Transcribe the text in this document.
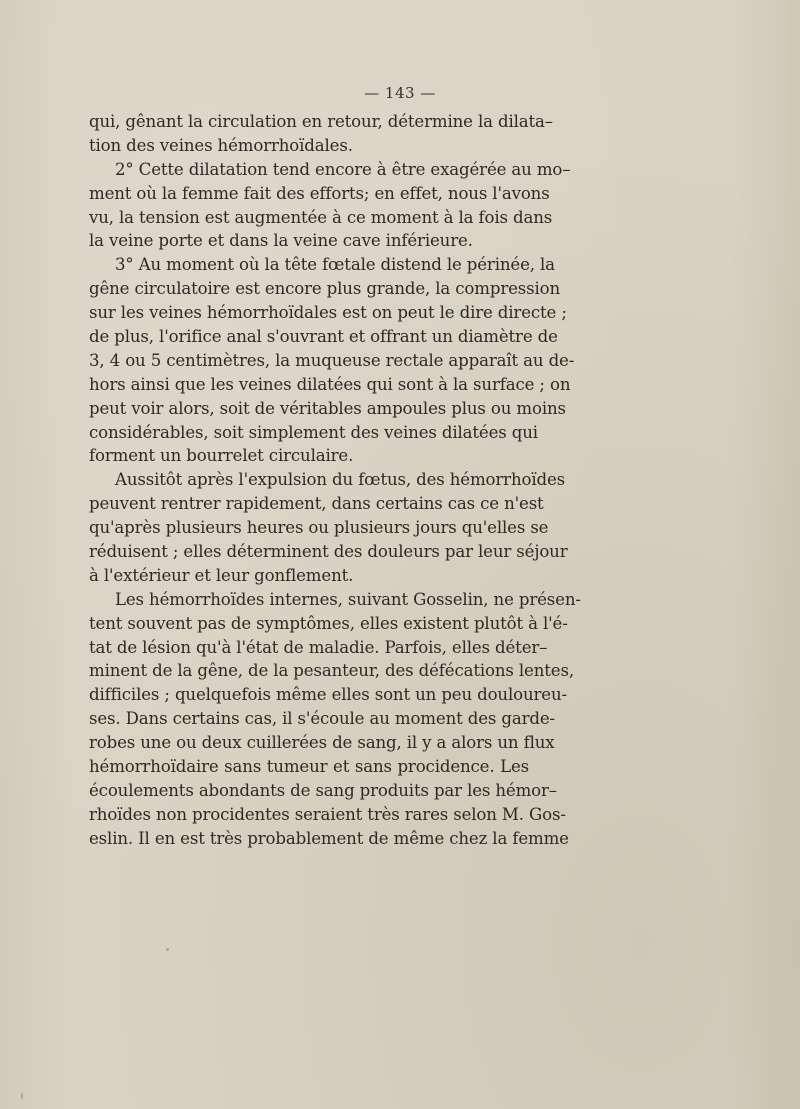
— 143 —
qui, gênant la circulation en retour, détermine la dilata–
tion des veines hémorrhoïdales.
2° Cette dilatation tend encore à être exagérée au mo–
ment où la femme fait des efforts; en effet, nous l'avons
vu, la tension est augmentée à ce moment à la fois dans
la veine porte et dans la veine cave inférieure.
3° Au moment où la tête fœtale distend le périnée, la
gêne circulatoire est encore plus grande, la compression
sur les veines hémorrhoïdales est on peut le dire directe ;
de plus, l'orifice anal s'ouvrant et offrant un diamètre de
3, 4 ou 5 centimètres, la muqueuse rectale apparaît au de-
hors ainsi que les veines dilatées qui sont à la surface ; on
peut voir alors, soit de véritables ampoules plus ou moins
considérables, soit simplement des veines dilatées qui
forment un bourrelet circulaire.
Aussitôt après l'expulsion du fœtus, des hémorrhoïdes
peuvent rentrer rapidement, dans certains cas ce n'est
qu'après plusieurs heures ou plusieurs jours qu'elles se
réduisent ; elles déterminent des douleurs par leur séjour
à l'extérieur et leur gonflement.
Les hémorrhoïdes internes, suivant Gosselin, ne présen-
tent souvent pas de symptômes, elles existent plutôt à l'é-
tat de lésion qu'à l'état de maladie. Parfois, elles déter–
minent de la gêne, de la pesanteur, des défécations lentes,
difficiles ; quelquefois même elles sont un peu douloureu-
ses. Dans certains cas, il s'écoule au moment des garde-
robes une ou deux cuillerées de sang, il y a alors un flux
hémorrhoïdaire sans tumeur et sans procidence. Les
écoulements abondants de sang produits par les hémor–
rhoïdes non procidentes seraient très rares selon M. Gos-
eslin. Il en est très probablement de même chez la femme
